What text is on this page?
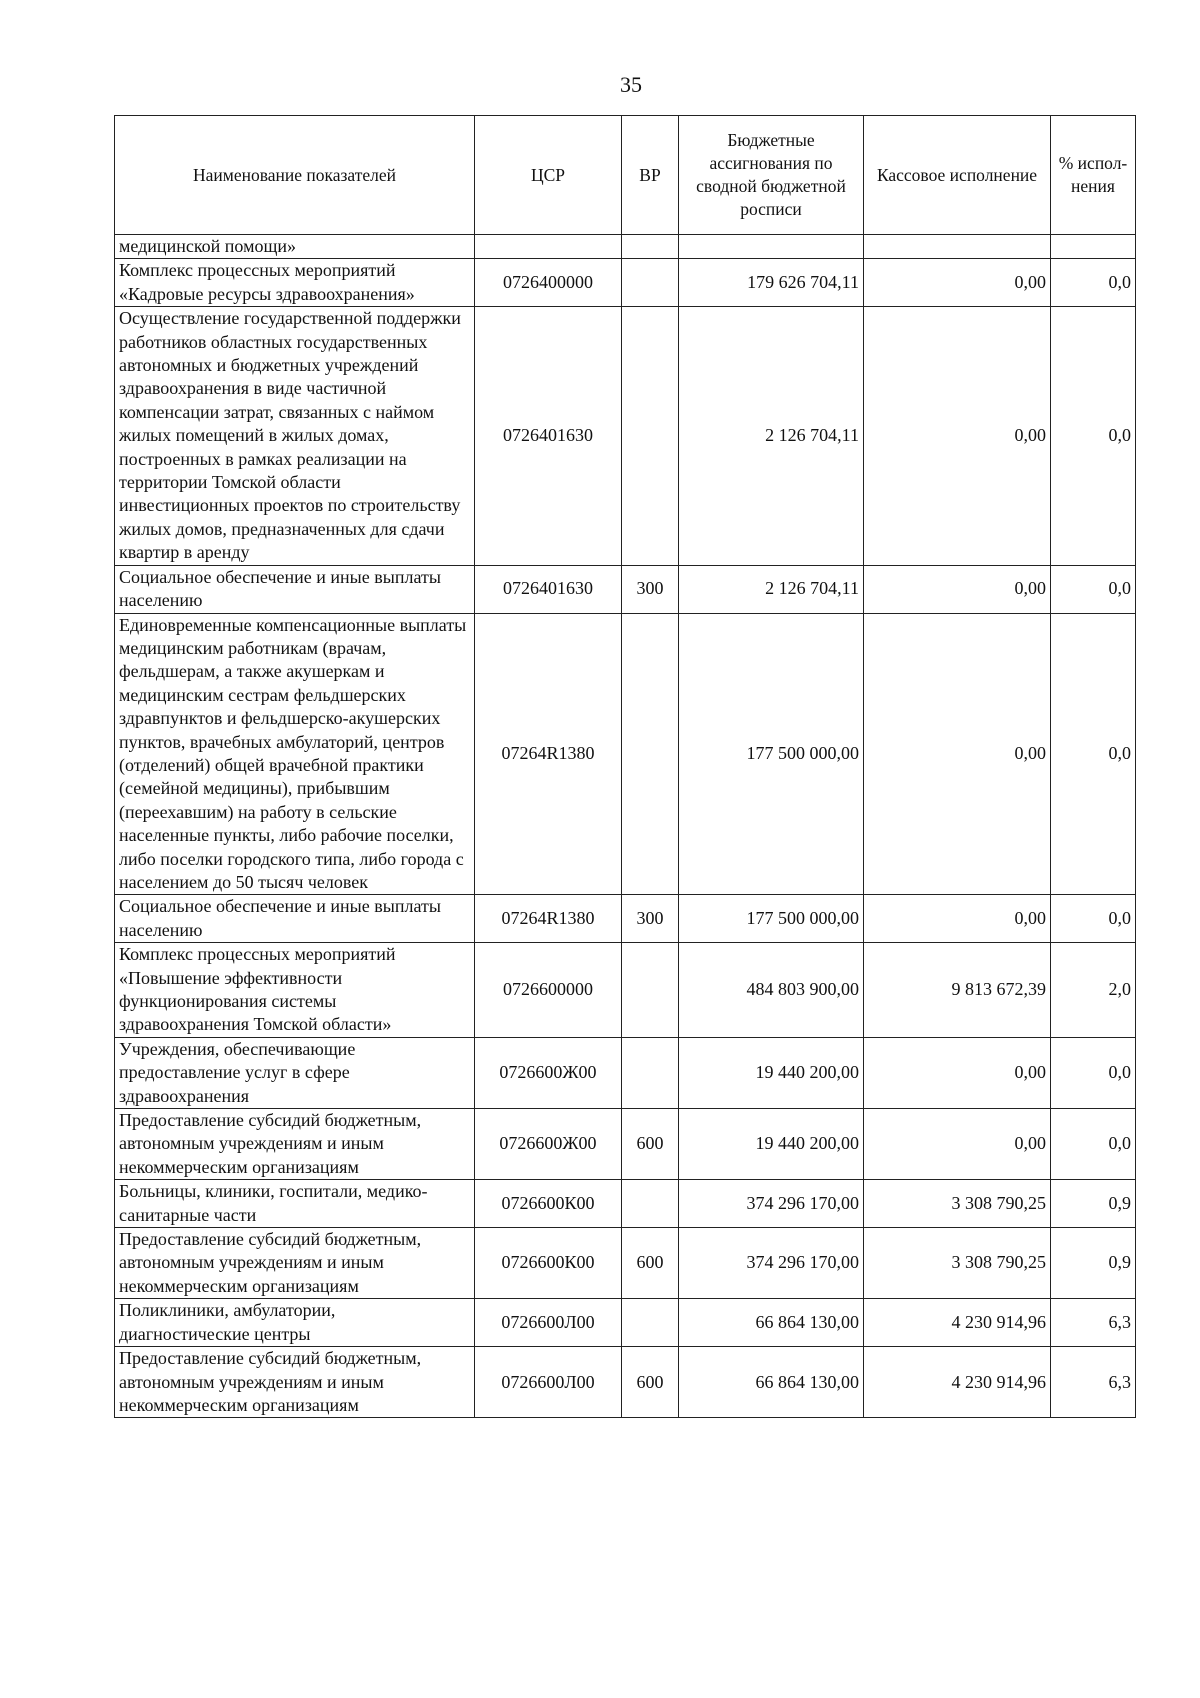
35
Наименование показателей	ЦСР	ВР	Бюджетные ассигнования по сводной бюджетной росписи	Кассовое исполнение	% испол-нения
медицинской помощи»					
Комплекс процессных мероприятий «Кадровые ресурсы здравоохранения»	0726400000		179 626 704,11	0,00	0,0
Осуществление государственной поддержки работников областных государственных автономных и бюджетных учреждений здравоохранения в виде частичной компенсации затрат, связанных с наймом жилых помещений в жилых домах, построенных в рамках реализации на территории Томской области инвестиционных проектов по строительству жилых домов, предназначенных для сдачи квартир в аренду	0726401630		2 126 704,11	0,00	0,0
Социальное обеспечение и иные выплаты населению	0726401630	300	2 126 704,11	0,00	0,0
Единовременные компенсационные выплаты медицинским работникам (врачам, фельдшерам, а также акушеркам и медицинским сестрам фельдшерских здравпунктов и фельдшерско-акушерских пунктов, врачебных амбулаторий, центров (отделений) общей врачебной практики (семейной медицины), прибывшим (переехавшим) на работу в сельские населенные пункты, либо рабочие поселки, либо поселки городского типа, либо города с населением до 50 тысяч человек	07264R1380		177 500 000,00	0,00	0,0
Социальное обеспечение и иные выплаты населению	07264R1380	300	177 500 000,00	0,00	0,0
Комплекс процессных мероприятий «Повышение эффективности функционирования системы здравоохранения Томской области»	0726600000		484 803 900,00	9 813 672,39	2,0
Учреждения, обеспечивающие предоставление услуг в сфере здравоохранения	0726600Ж00		19 440 200,00	0,00	0,0
Предоставление субсидий бюджетным, автономным учреждениям и иным некоммерческим организациям	0726600Ж00	600	19 440 200,00	0,00	0,0
Больницы, клиники, госпитали, медико-санитарные части	0726600К00		374 296 170,00	3 308 790,25	0,9
Предоставление субсидий бюджетным, автономным учреждениям и иным некоммерческим организациям	0726600К00	600	374 296 170,00	3 308 790,25	0,9
Поликлиники, амбулатории, диагностические центры	0726600Л00		66 864 130,00	4 230 914,96	6,3
Предоставление субсидий бюджетным, автономным учреждениям и иным некоммерческим организациям	0726600Л00	600	66 864 130,00	4 230 914,96	6,3
